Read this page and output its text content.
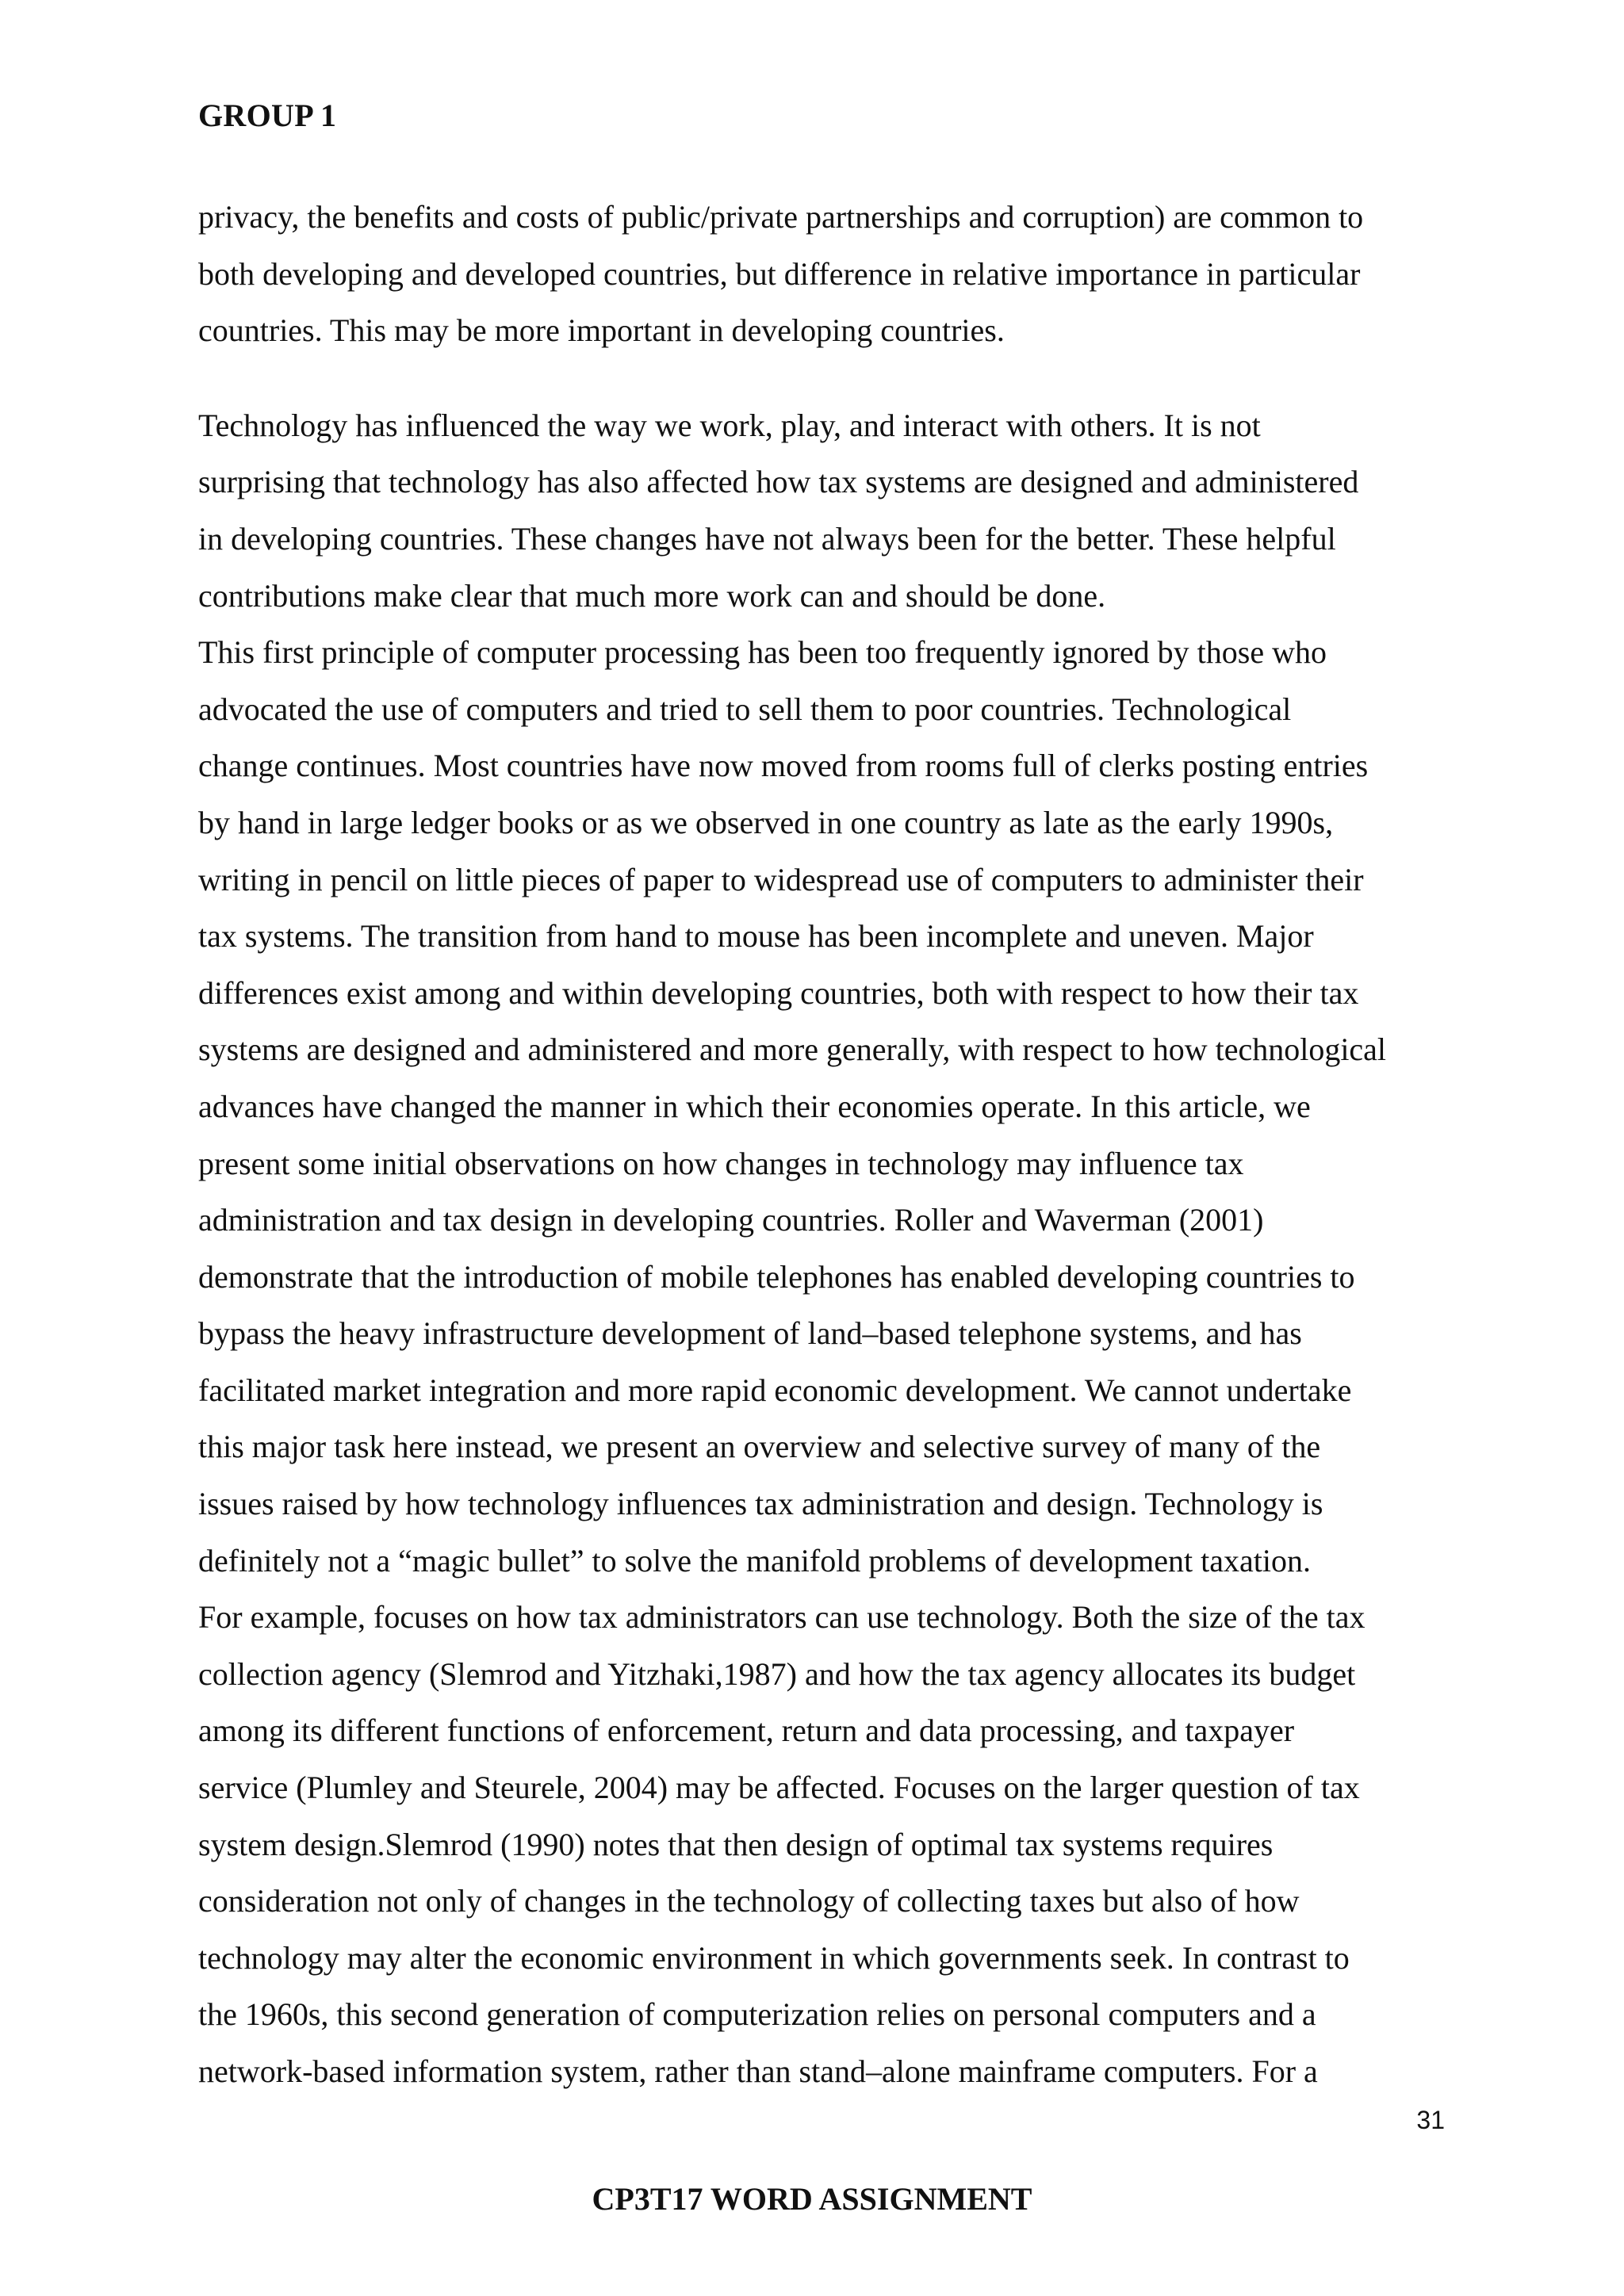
GROUP 1
privacy, the benefits and costs of public/private partnerships and corruption) are common to
both developing and developed countries, but difference in relative importance in particular
countries. This may be more important in developing countries.
Technology has influenced the way we work, play, and interact with others. It is not
surprising that technology has also affected how tax systems are designed and administered
in developing countries. These changes have not always been for the better. These helpful
contributions make clear that much more work can and should be done.
This first principle of computer processing has been too frequently ignored by those who
advocated the use of computers and tried to sell them to poor countries. Technological
change continues. Most countries have now moved from rooms full of clerks posting entries
by hand in large ledger books or as we observed in one country as late as the early 1990s,
writing in pencil on little pieces of paper to widespread use of computers to administer their
tax systems. The transition from hand to mouse has been incomplete and uneven. Major
differences exist among and within developing countries, both with respect to how their tax
systems are designed and administered and more generally, with respect to how technological
advances have changed the manner in which their economies operate. In this article, we
present some initial observations on how changes in technology may influence tax
administration and tax design in developing countries. Roller and Waverman (2001)
demonstrate that the introduction of mobile telephones has enabled developing countries to
bypass the heavy infrastructure development of land–based telephone systems, and has
facilitated market integration and more rapid economic development. We cannot undertake
this major task here instead, we present an overview and selective survey of many of the
issues raised by how technology influences tax administration and design. Technology is
definitely not a “magic bullet” to solve the manifold problems of development taxation.
For example, focuses on how tax administrators can use technology. Both the size of the tax
collection agency (Slemrod and Yitzhaki,1987) and how the tax agency allocates its budget
among its different functions of enforcement, return and data processing, and taxpayer
service (Plumley and Steurele, 2004) may be affected. Focuses on the larger question of tax
system design.Slemrod (1990) notes that then design of optimal tax systems requires
consideration not only of changes in the technology of collecting taxes but also of how
technology may alter the economic environment in which governments seek. In contrast to
the 1960s, this second generation of computerization relies on personal computers and a
network-based information system, rather than stand–alone mainframe computers. For a
31
CP3T17 WORD ASSIGNMENT
